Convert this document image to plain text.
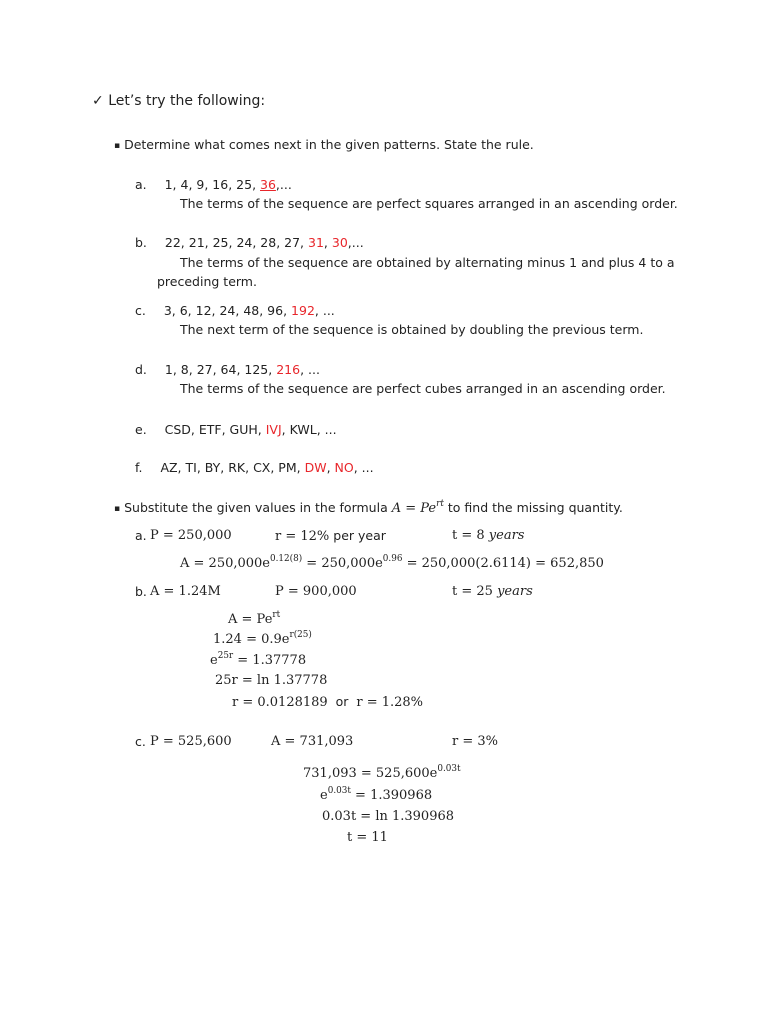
✓ Let’s try the following:
▪ Determine what comes next in the given patterns. State the rule.
a. 1, 4, 9, 16, 25, 36,...
The terms of the sequence are perfect squares arranged in an ascending order.
b. 22, 21, 25, 24, 28, 27, 31, 30,...
The terms of the sequence are obtained by alternating minus 1 and plus 4 to a
preceding term.
c. 3, 6, 12, 24, 48, 96, 192, ...
The next term of the sequence is obtained by doubling the previous term.
d. 1, 8, 27, 64, 125, 216, ...
The terms of the sequence are perfect cubes arranged in an ascending order.
e. CSD, ETF, GUH, IVJ, KWL, ...
f. AZ, TI, BY, RK, CX, PM, DW, NO, ...
▪ Substitute the given values in the formula $A = Pe^{rt}$ to find the missing quantity.
a. P = 250,000	r = 12% per year	t = 8 years
$A = 250,000e^{0.12(8)} = 250,000e^{0.96} = 250,000(2.6114) = 652,850$
b. A = 1.24M	P = 900,000	t = 25 years
$A = Pe^{rt}$
$1.24 = 0.9e^{r(25)}$
$e^{25r} = 1.37778$
25r = ln 1.37778
r = 0.0128189  or  r = 1.28%
c. P = 525,600	A = 731,093	r = 3%
$731,093 = 525,600e^{0.03t}$
$e^{0.03t} = 1.390968$
0.03t = ln 1.390968
t = 11
